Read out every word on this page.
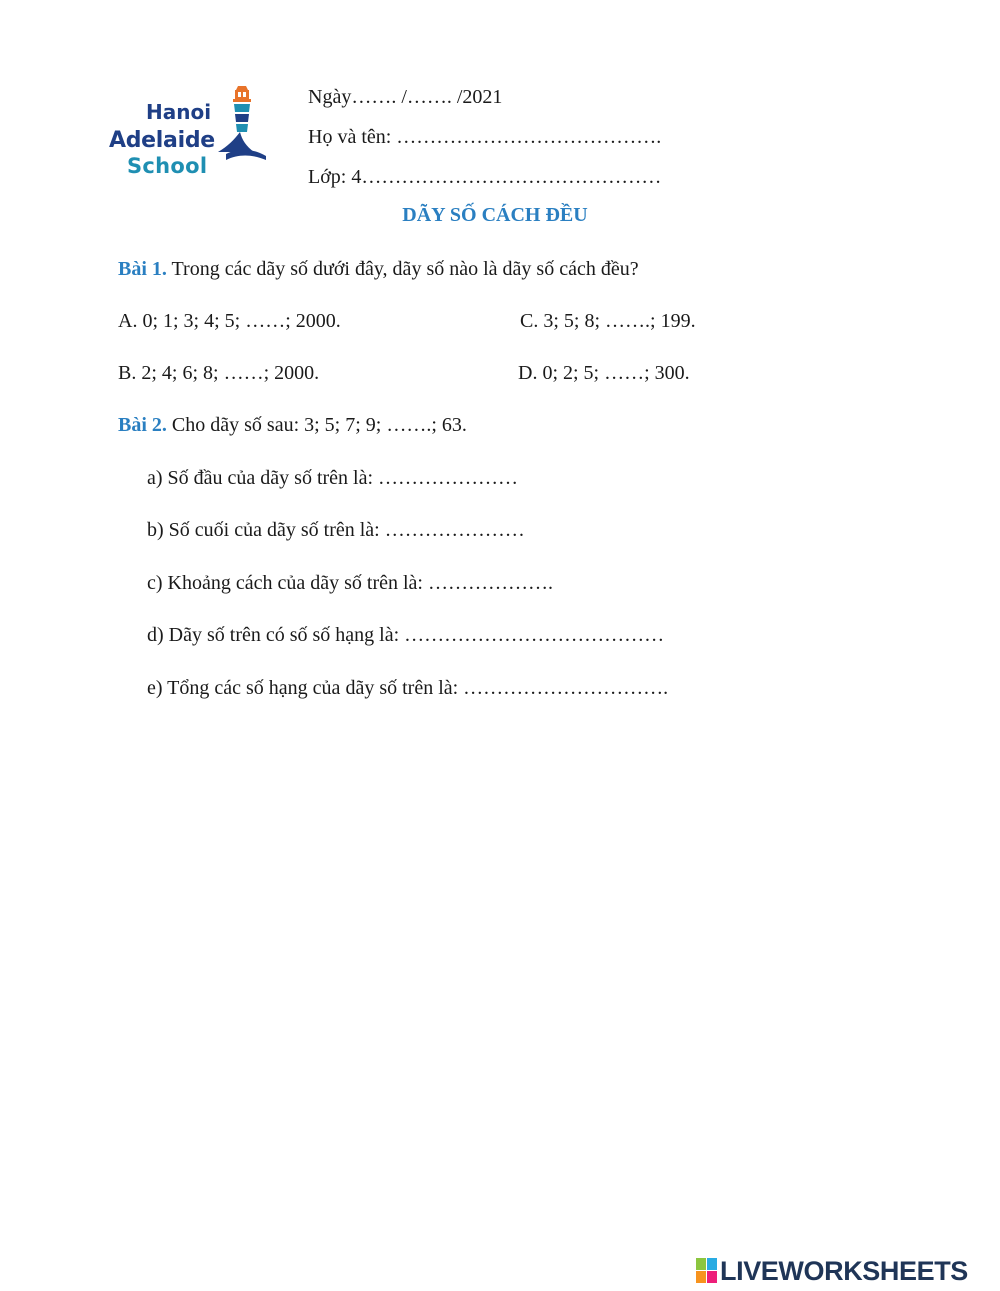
Hanoi
Adelaide
School
Ngày……. /……. /2021
Họ và tên: ………………………………….
Lớp: 4………………………………………
DÃY SỐ CÁCH ĐỀU
Bài 1. Trong các dãy số dưới đây, dãy số nào là dãy số cách đều?
A. 0; 1; 3; 4; 5; ……; 2000.	C. 3; 5; 8; …….; 199.
B. 2; 4; 6; 8; ……; 2000.	D. 0; 2; 5; ……; 300.
Bài 2. Cho dãy số sau: 3; 5; 7; 9; …….; 63.
a) Số đầu của dãy số trên là: …………………
b) Số cuối của dãy số trên là: …………………
c) Khoảng cách của dãy số trên là: ……………….
d) Dãy số trên có số số hạng là: …………………………………
e) Tổng các số hạng của dãy số trên là: ………………………….
LIVEWORKSHEETS
